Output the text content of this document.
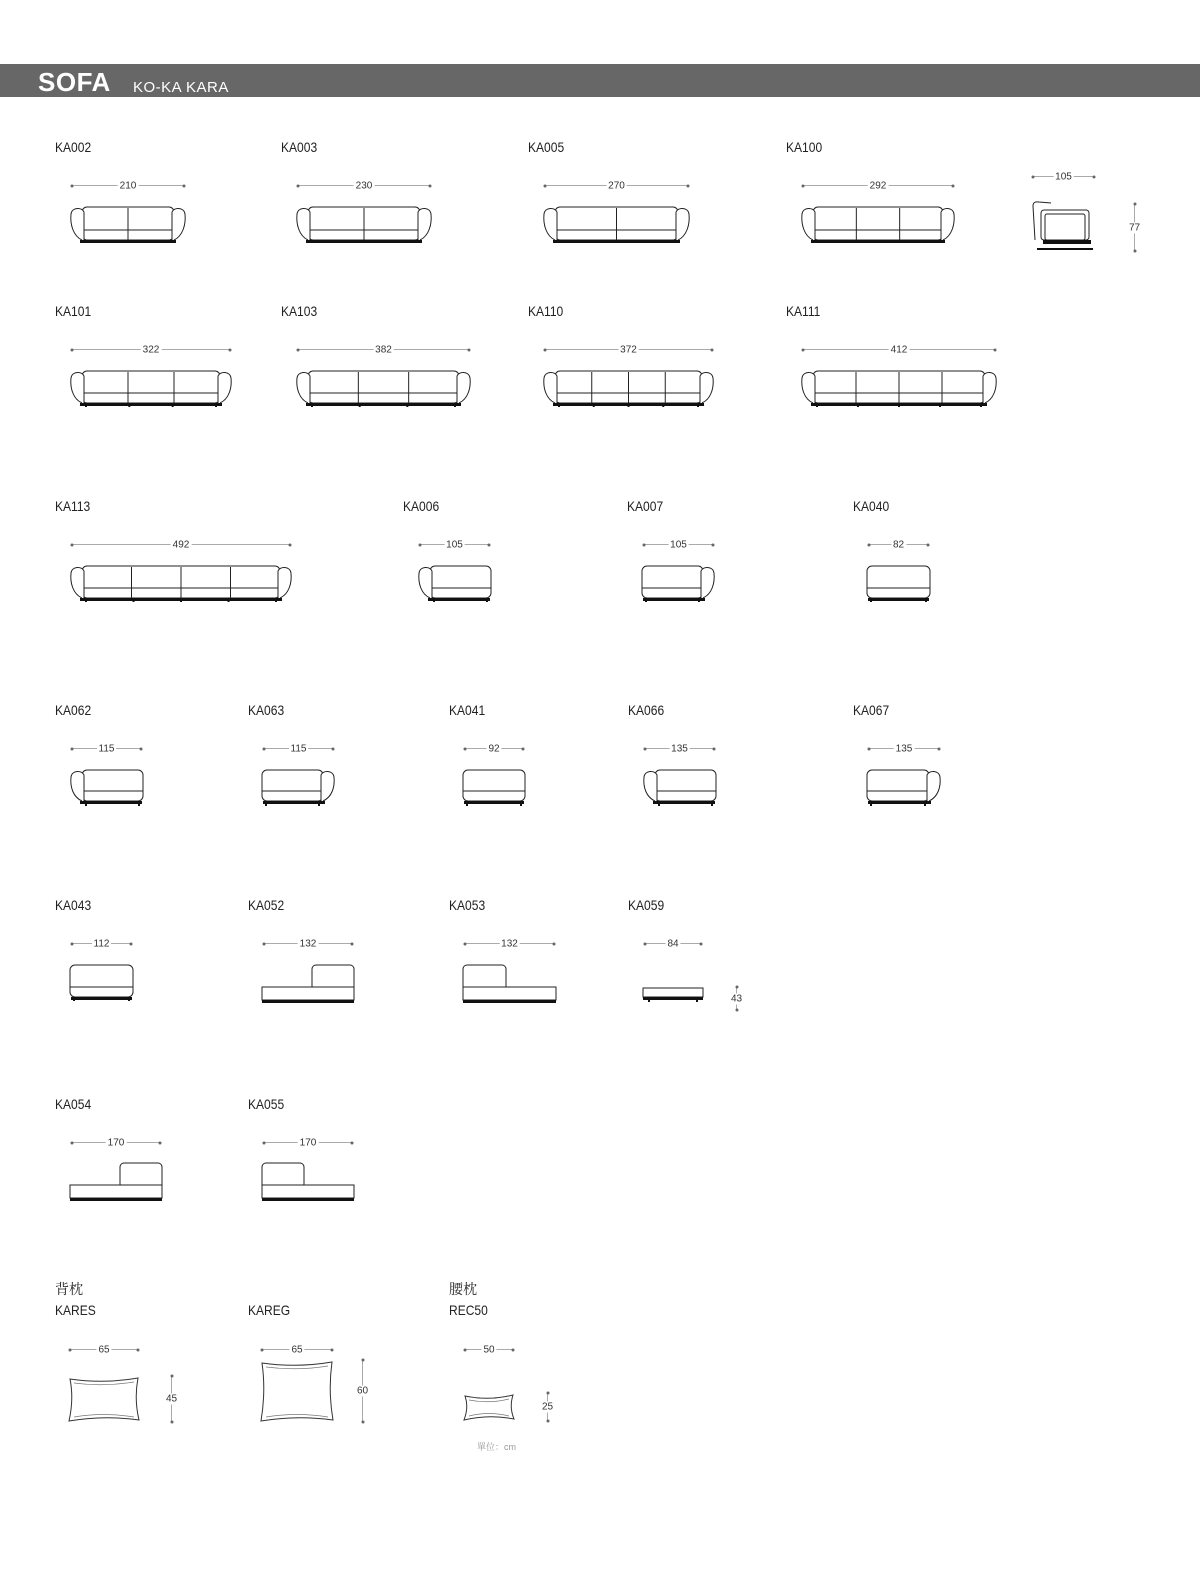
SOFA KO-KA KARA
背枕	腰枕
KA002
210
KA003
230
KA005
270
KA100
292
105
77
KA101
322
KA103
382
KA110
372
KA111
412
KA113
492
KA006
105
KA007
105
KA040
82
KA062
115
KA063
115
KA041
92
KA066
135
KA067
135
KA043
112
KA052
132
KA053
132
KA059
84
43
KA054
170
KA055
170
KARES
65
45
KAREG
65
60
REC50
50
25
單位：cm
